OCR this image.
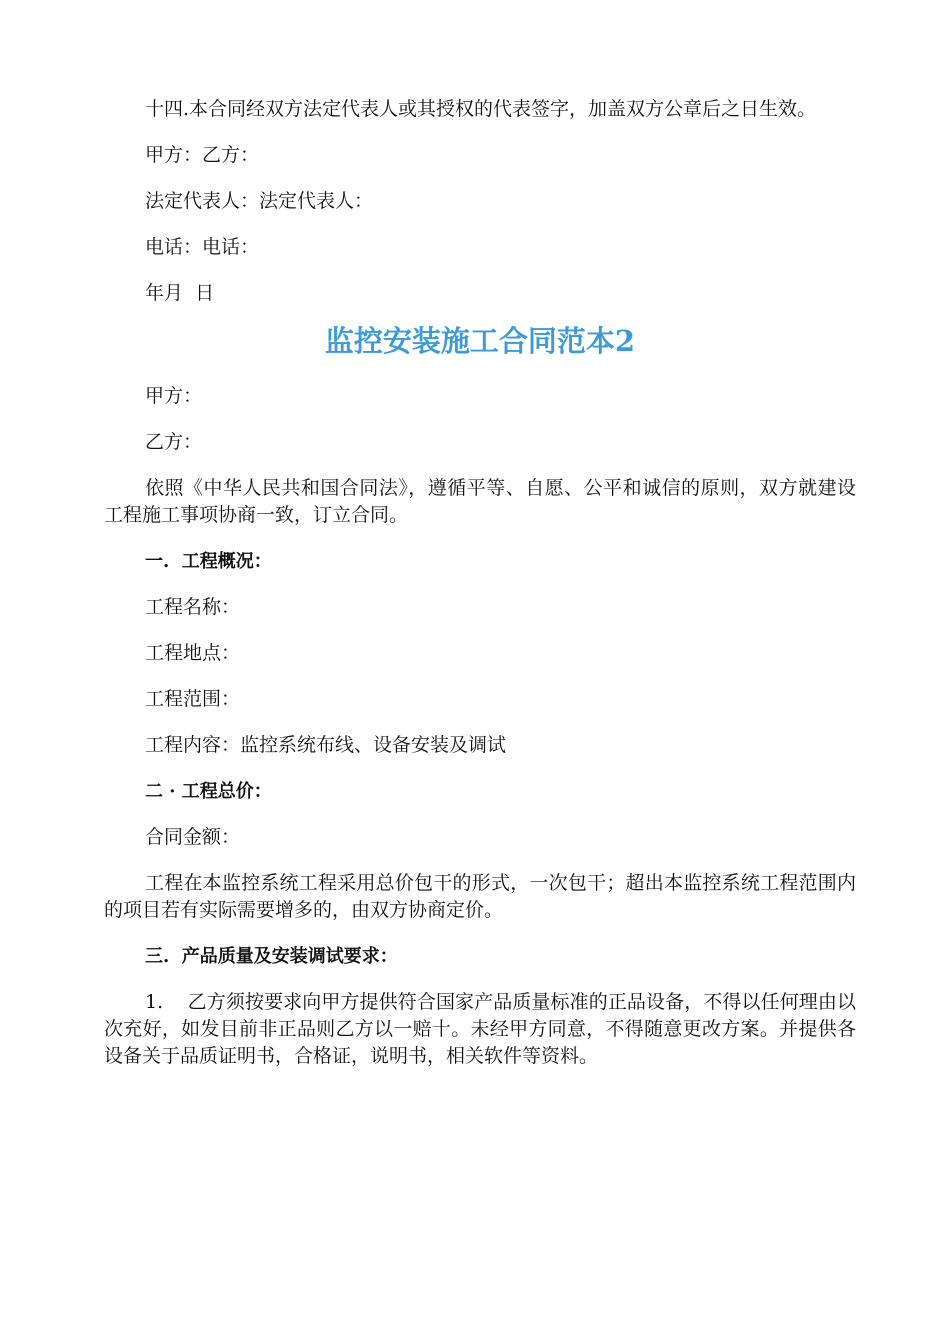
十四.本合同经双方法定代表人或其授权的代表签字，加盖双方公章后之日生效。

甲方：乙方：

法定代表人：法定代表人：

电话：电话：

年月  日

监控安装施工合同范本2

甲方：

乙方：

依照《中华人民共和国合同法》，遵循平等、自愿、公平和诚信的原则，双方就建设工程施工事项协商一致，订立合同。

一.  工程概况：

工程名称：

工程地点：

工程范围：

工程内容：监控系统布线、设备安装及调试

二 · 工程总价：

合同金额：

工程在本监控系统工程采用总价包干的形式，一次包干；超出本监控系统工程范围内的项目若有实际需要增多的，由双方协商定价。

三.  产品质量及安装调试要求：

1.    乙方须按要求向甲方提供符合国家产品质量标准的正品设备，不得以任何理由以次充好，如发目前非正品则乙方以一赔十。未经甲方同意，不得随意更改方案。并提供各设备关于品质证明书，合格证，说明书，相关软件等资料。
